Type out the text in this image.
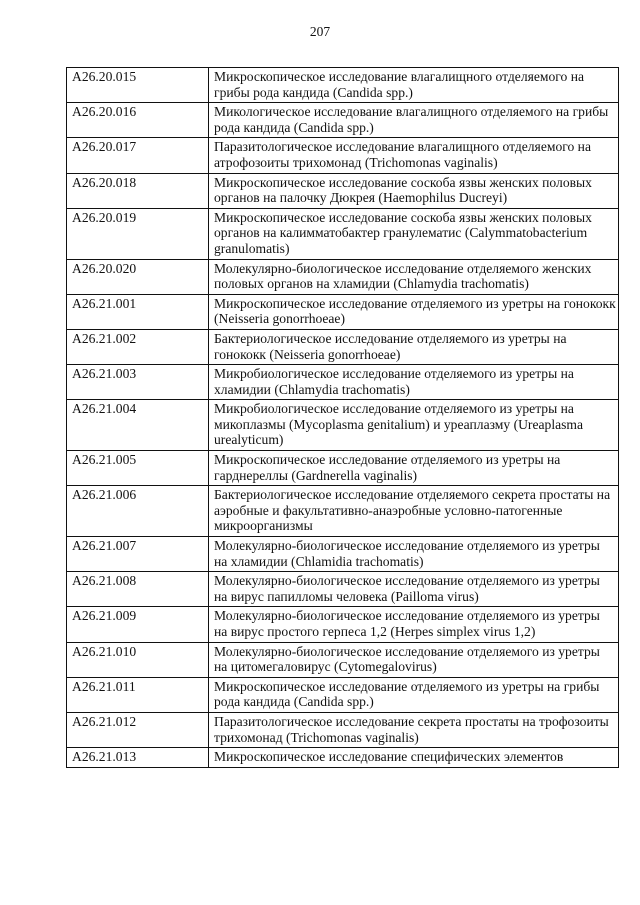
207
A26.20.015	Микроскопическое исследование влагалищного отделяемого на грибы рода кандида (Candida spp.)
A26.20.016	Микологическое исследование влагалищного отделяемого на грибы рода кандида (Candida spp.)
A26.20.017	Паразитологическое исследование влагалищного отделяемого на атрофозоиты трихомонад (Trichomonas vaginalis)
A26.20.018	Микроскопическое исследование соскоба язвы женских половых органов на палочку Дюкрея (Haemophilus Ducreyi)
A26.20.019	Микроскопическое исследование соскоба язвы женских половых органов на калимматобактер гранулематис (Calymmatobacterium granulomatis)
A26.20.020	Молекулярно-биологическое исследование отделяемого женских половых органов на хламидии (Chlamydia trachomatis)
A26.21.001	Микроскопическое исследование отделяемого из уретры на гонококк (Neisseria gonorrhoeae)
A26.21.002	Бактериологическое исследование отделяемого из уретры на гонококк (Neisseria gonorrhoeae)
A26.21.003	Микробиологическое исследование отделяемого из уретры на хламидии (Chlamydia trachomatis)
A26.21.004	Микробиологическое исследование отделяемого из уретры на микоплазмы (Mycoplasma genitalium) и уреаплазму (Ureaplasma urealyticum)
A26.21.005	Микроскопическое исследование отделяемого из уретры на гарднереллы (Gardnerella vaginalis)
A26.21.006	Бактериологическое исследование отделяемого секрета простаты на аэробные и факультативно-анаэробные условно-патогенные микроорганизмы
A26.21.007	Молекулярно-биологическое исследование отделяемого из уретры на хламидии (Chlamidia trachomatis)
A26.21.008	Молекулярно-биологическое исследование отделяемого из уретры на вирус папилломы человека (Pailloma virus)
A26.21.009	Молекулярно-биологическое исследование отделяемого из уретры на вирус простого герпеса 1,2 (Herpes simplex virus 1,2)
A26.21.010	Молекулярно-биологическое исследование отделяемого из уретры на цитомегаловирус (Cytomegalovirus)
A26.21.011	Микроскопическое исследование отделяемого из уретры на грибы рода кандида (Candida spp.)
A26.21.012	Паразитологическое исследование секрета простаты на трофозоиты трихомонад (Trichomonas vaginalis)
A26.21.013	Микроскопическое исследование специфических элементов
